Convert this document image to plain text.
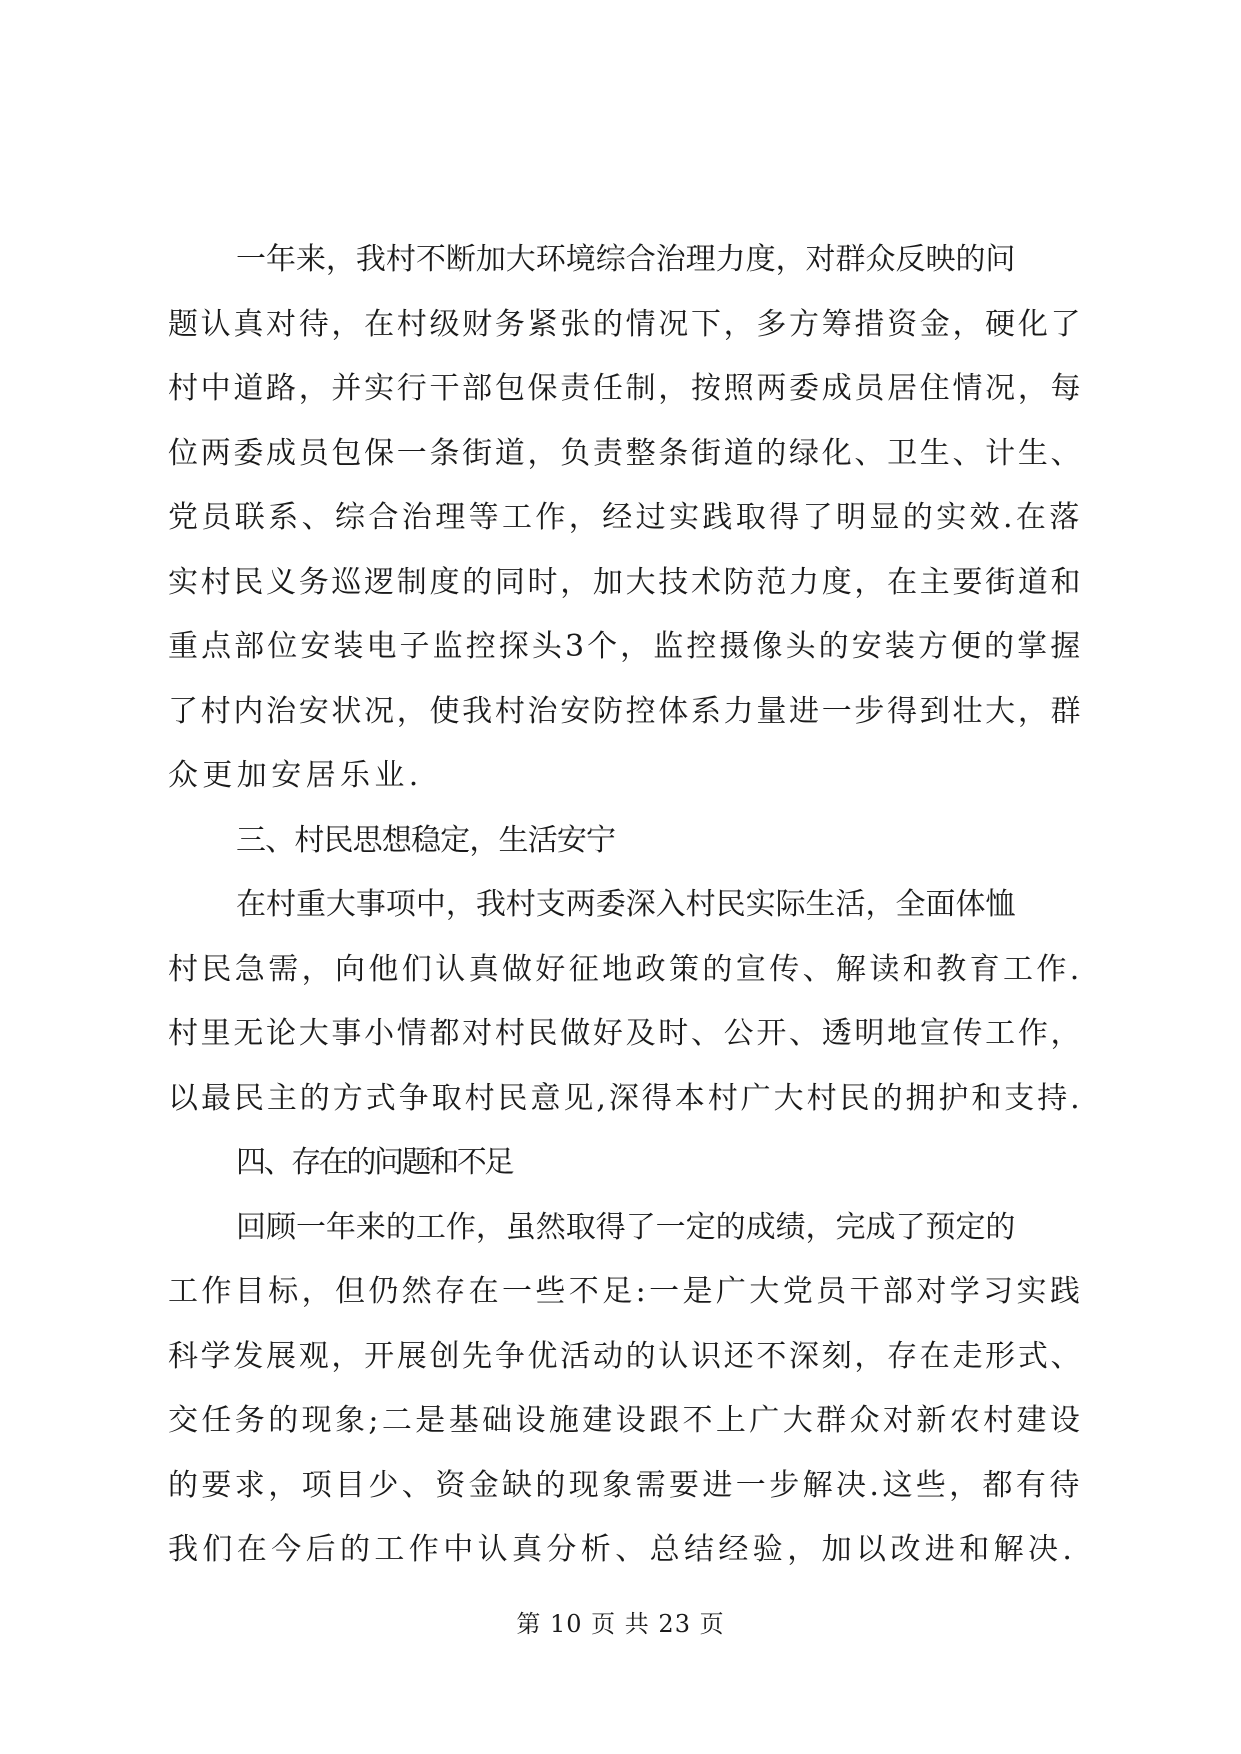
一年来，我村不断加大环境综合治理力度，对群众反映的问
题认真对待，在村级财务紧张的情况下，多方筹措资金，硬化了
村中道路，并实行干部包保责任制，按照两委成员居住情况，每
位两委成员包保一条街道，负责整条街道的绿化、卫生、计生、
党员联系、综合治理等工作，经过实践取得了明显的实效.在落
实村民义务巡逻制度的同时，加大技术防范力度，在主要街道和
重点部位安装电子监控探头3个，监控摄像头的安装方便的掌握
了村内治安状况，使我村治安防控体系力量进一步得到壮大，群
众更加安居乐业.

三、村民思想稳定，生活安宁

在村重大事项中，我村支两委深入村民实际生活，全面体恤
村民急需，向他们认真做好征地政策的宣传、解读和教育工作.
村里无论大事小情都对村民做好及时、公开、透明地宣传工作，
以最民主的方式争取村民意见,深得本村广大村民的拥护和支持.

四、存在的问题和不足

回顾一年来的工作，虽然取得了一定的成绩，完成了预定的
工作目标，但仍然存在一些不足:一是广大党员干部对学习实践
科学发展观，开展创先争优活动的认识还不深刻，存在走形式、
交任务的现象;二是基础设施建设跟不上广大群众对新农村建设
的要求，项目少、资金缺的现象需要进一步解决.这些，都有待
我们在今后的工作中认真分析、总结经验，加以改进和解决.

第 10 页 共 23 页
